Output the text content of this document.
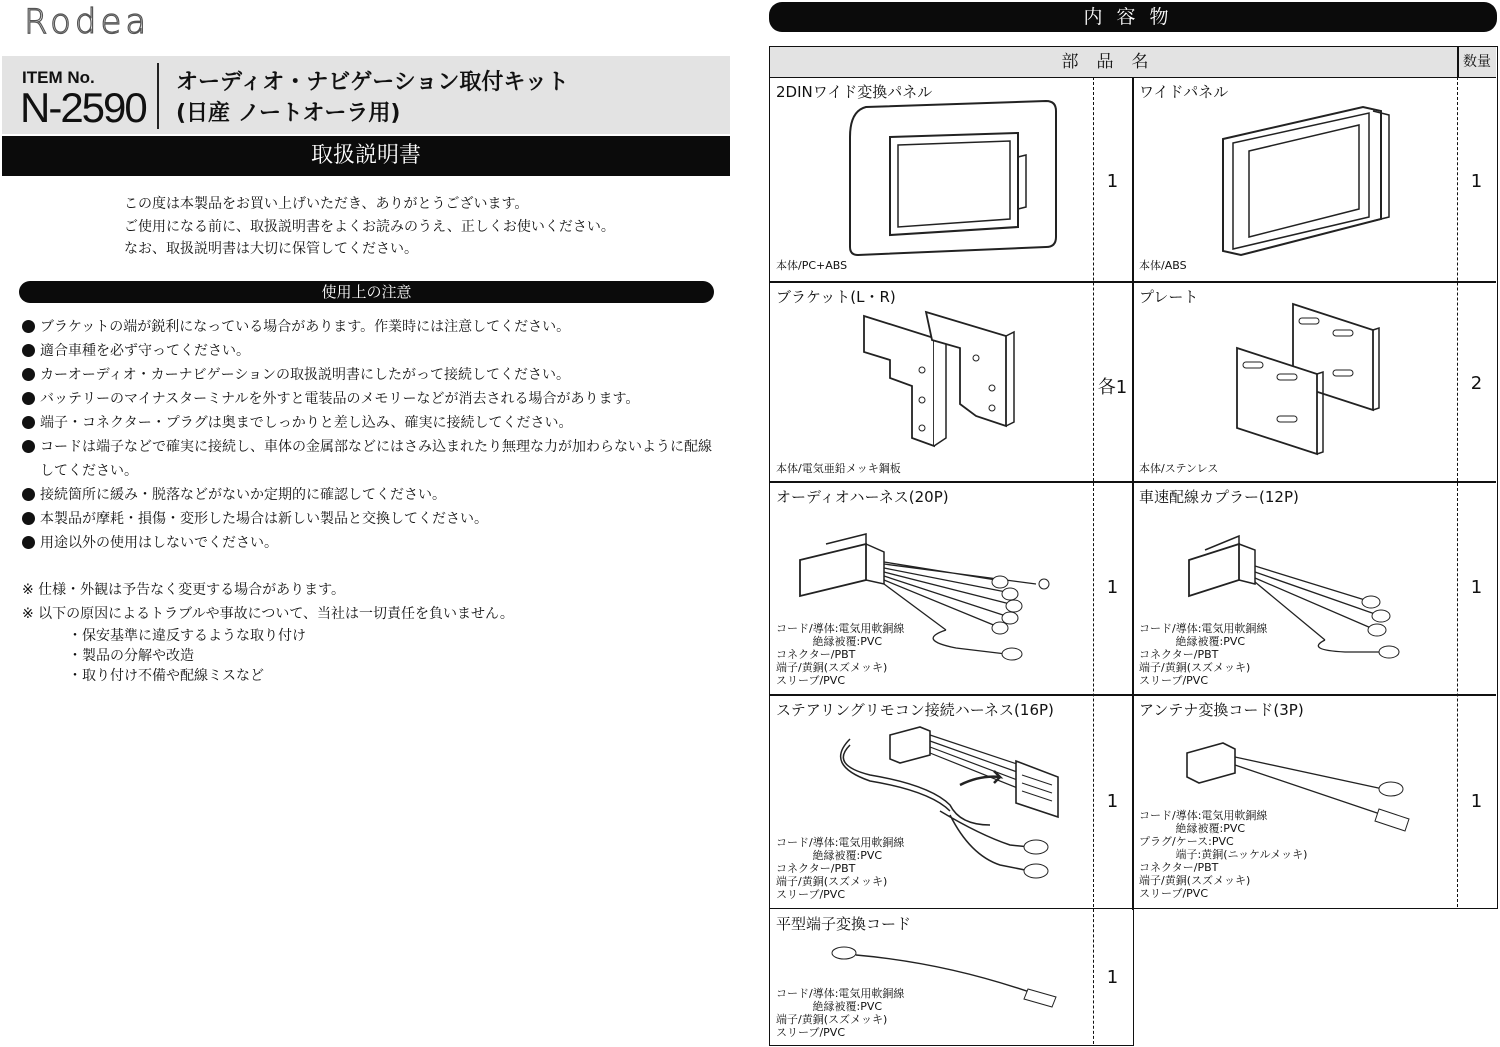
Rodea
ITEM No.
N-2590
オーディオ・ナビゲーション取付キット
(日産 ノートオーラ用)
取扱説明書
この度は本製品をお買い上げいただき、ありがとうございます。
ご使用になる前に、取扱説明書をよくお読みのうえ、正しくお使いください。
なお、取扱説明書は大切に保管してください。
使用上の注意
ブラケットの端が鋭利になっている場合があります。作業時には注意してください。
適合車種を必ず守ってください。
カーオーディオ・カーナビゲーションの取扱説明書にしたがって接続してください。
バッテリーのマイナスターミナルを外すと電装品のメモリーなどが消去される場合があります。
端子・コネクター・プラグは奥までしっかりと差し込み、確実に接続してください。
コードは端子などで確実に接続し、車体の金属部などにはさみ込まれたり無理な力が加わらないように配線してください。
接続箇所に緩み・脱落などがないか定期的に確認してください。
本製品が摩耗・損傷・変形した場合は新しい製品と交換してください。
用途以外の使用はしないでください。
※ 仕様・外観は予告なく変更する場合があります。
※ 以下の原因によるトラブルや事故について、当社は一切責任を負いません。
・保安基準に違反するような取り付け
・製品の分解や改造
・取り付け不備や配線ミスなど
内容物
部品名	数量
2DINワイド変換パネル
本体/PC+ABS
1
ワイドパネル
本体/ABS
1
ブラケット(L・R)
本体/電気亜鉛メッキ鋼板
各1
プレート
本体/ステンレス
2
オーディオハーネス(20P)
コード/導体:電気用軟銅線
　　　 絶縁被覆:PVC
コネクター/PBT
端子/黄銅(スズメッキ)
スリーブ/PVC
1
車速配線カプラー(12P)
コード/導体:電気用軟銅線
　　　 絶縁被覆:PVC
コネクター/PBT
端子/黄銅(スズメッキ)
スリーブ/PVC
1
ステアリングリモコン接続ハーネス(16P)
コード/導体:電気用軟銅線
　　　 絶縁被覆:PVC
コネクター/PBT
端子/黄銅(スズメッキ)
スリーブ/PVC
1
アンテナ変換コード(3P)
コード/導体:電気用軟銅線
　　　 絶縁被覆:PVC
プラグ/ケース:PVC
　　　 端子:黄銅(ニッケルメッキ)
コネクター/PBT
端子/黄銅(スズメッキ)
スリーブ/PVC
1
平型端子変換コード
コード/導体:電気用軟銅線
　　　 絶縁被覆:PVC
端子/黄銅(スズメッキ)
スリーブ/PVC
1
